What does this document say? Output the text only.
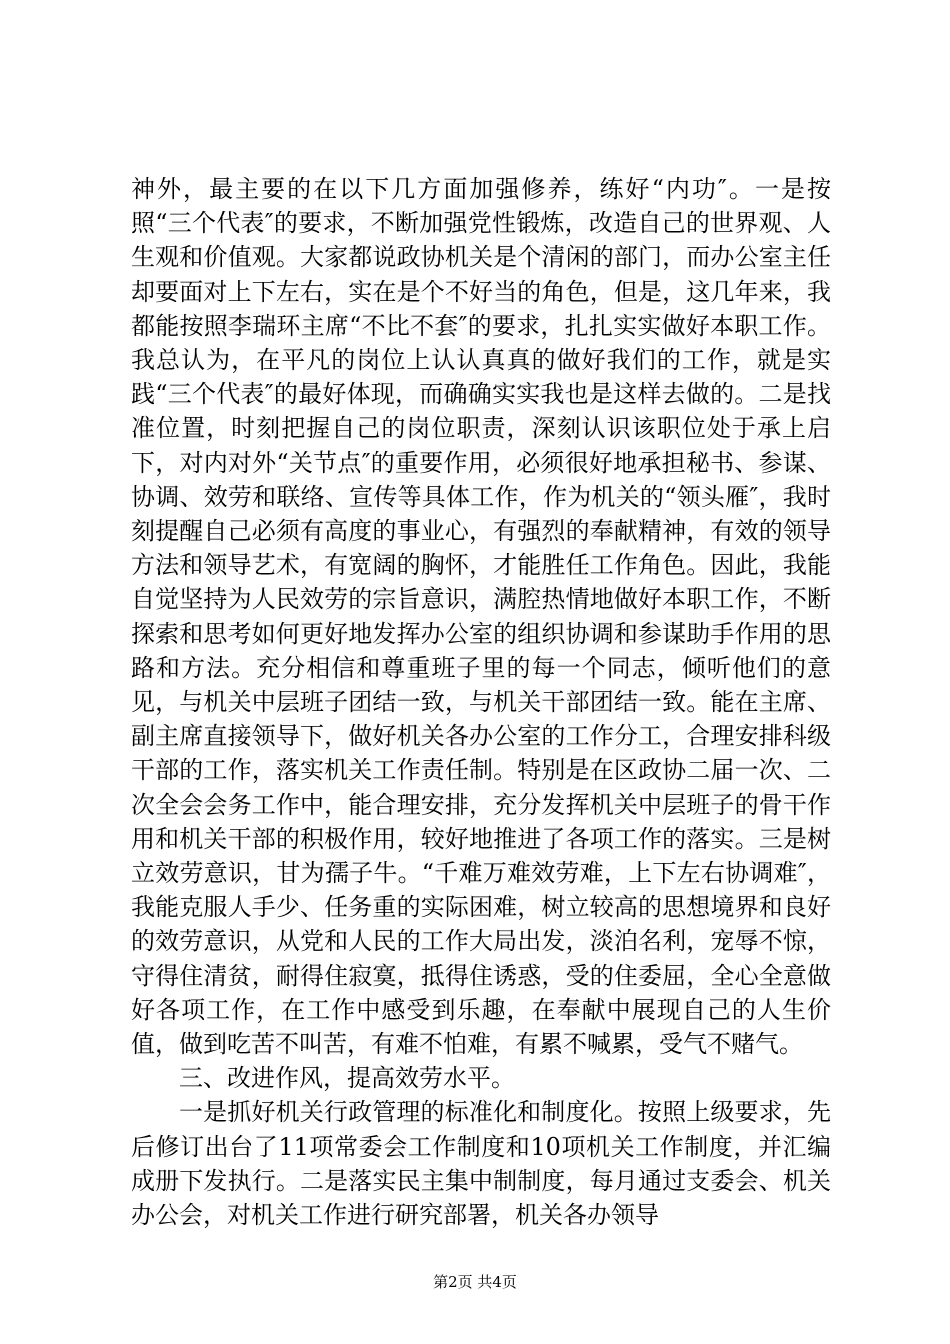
神外，最主要的在以下几方面加强修养，练好“内功″。一是按照“三个代表″的要求，不断加强党性锻炼，改造自己的世界观、人生观和价值观。大家都说政协机关是个清闲的部门，而办公室主任却要面对上下左右，实在是个不好当的角色，但是，这几年来，我都能按照李瑞环主席“不比不套″的要求，扎扎实实做好本职工作。我总认为，在平凡的岗位上认认真真的做好我们的工作，就是实践“三个代表″的最好体现，而确确实实我也是这样去做的。二是找准位置，时刻把握自己的岗位职责，深刻认识该职位处于承上启下，对内对外“关节点″的重要作用，必须很好地承担秘书、参谋、协调、效劳和联络、宣传等具体工作，作为机关的“领头雁″，我时刻提醒自己必须有高度的事业心，有强烈的奉献精神，有效的领导方法和领导艺术，有宽阔的胸怀，才能胜任工作角色。因此，我能自觉坚持为人民效劳的宗旨意识，满腔热情地做好本职工作，不断探索和思考如何更好地发挥办公室的组织协调和参谋助手作用的思路和方法。充分相信和尊重班子里的每一个同志，倾听他们的意见，与机关中层班子团结一致，与机关干部团结一致。能在主席、副主席直接领导下，做好机关各办公室的工作分工，合理安排科级干部的工作，落实机关工作责任制。特别是在区政协二届一次、二次全会会务工作中，能合理安排，充分发挥机关中层班子的骨干作用和机关干部的积极作用，较好地推进了各项工作的落实。三是树立效劳意识，甘为孺子牛。“千难万难效劳难，上下左右协调难″，我能克服人手少、任务重的实际困难，树立较高的思想境界和良好的效劳意识，从党和人民的工作大局出发，淡泊名利，宠辱不惊，守得住清贫，耐得住寂寞，抵得住诱惑，受的住委屈，全心全意做好各项工作，在工作中感受到乐趣，在奉献中展现自己的人生价值，做到吃苦不叫苦，有难不怕难，有累不喊累，受气不赌气。

三、改进作风，提高效劳水平。

一是抓好机关行政管理的标准化和制度化。按照上级要求，先后修订出台了11项常委会工作制度和10项机关工作制度，并汇编成册下发执行。二是落实民主集中制制度，每月通过支委会、机关办公会，对机关工作进行研究部署，机关各办领导

第2页 共4页
